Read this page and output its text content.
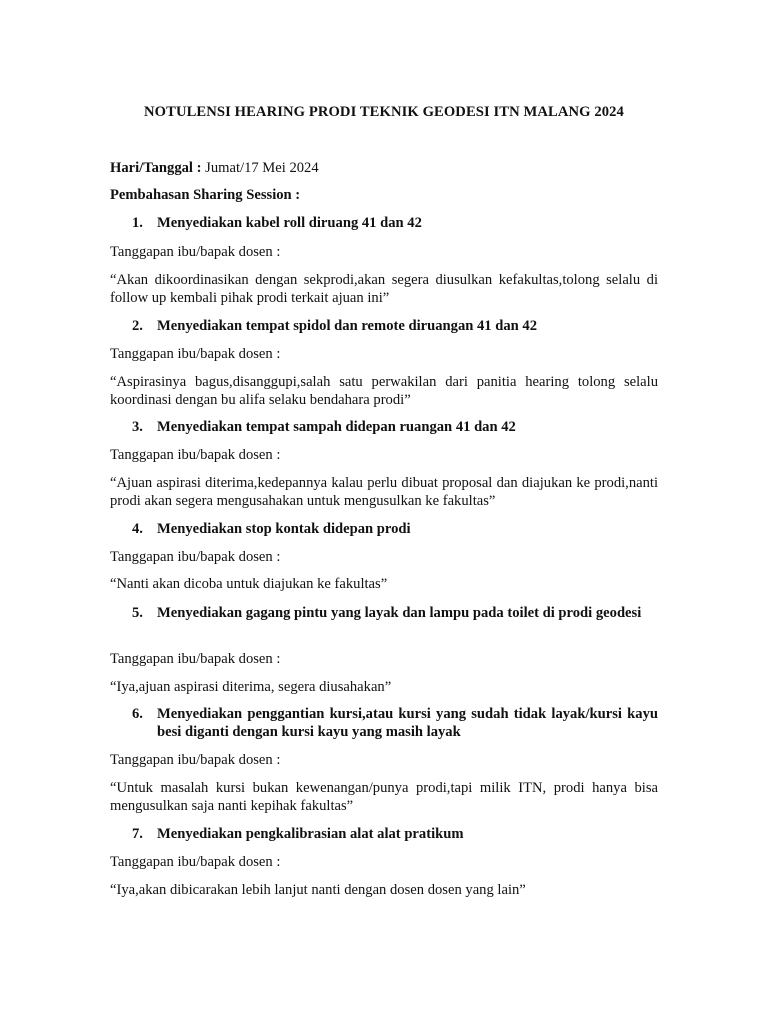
NOTULENSI HEARING PRODI TEKNIK GEODESI ITN MALANG 2024
Hari/Tanggal : Jumat/17 Mei 2024
Pembahasan Sharing Session :
1. Menyediakan kabel roll diruang 41 dan 42
Tanggapan ibu/bapak dosen :
“Akan dikoordinasikan dengan sekprodi,akan segera diusulkan kefakultas,tolong selalu di follow up kembali pihak prodi terkait ajuan ini”
2. Menyediakan tempat spidol dan remote diruangan 41 dan 42
Tanggapan ibu/bapak dosen :
“Aspirasinya bagus,disanggupi,salah satu perwakilan dari panitia hearing tolong selalu koordinasi dengan bu alifa selaku bendahara prodi”
3. Menyediakan tempat sampah didepan ruangan 41 dan 42
Tanggapan ibu/bapak dosen :
“Ajuan aspirasi diterima,kedepannya kalau perlu dibuat proposal dan diajukan ke prodi,nanti prodi akan segera mengusahakan untuk mengusulkan ke fakultas”
4. Menyediakan stop kontak didepan prodi
Tanggapan ibu/bapak dosen :
“Nanti akan dicoba untuk diajukan ke fakultas”
5. Menyediakan gagang pintu yang layak dan lampu pada toilet di prodi geodesi
Tanggapan ibu/bapak dosen :
“Iya,ajuan aspirasi diterima, segera diusahakan”
6. Menyediakan penggantian kursi,atau kursi yang sudah tidak layak/kursi kayu besi diganti dengan kursi kayu yang masih layak
Tanggapan ibu/bapak dosen :
“Untuk masalah kursi bukan kewenangan/punya prodi,tapi milik ITN, prodi hanya bisa mengusulkan saja nanti kepihak fakultas”
7. Menyediakan pengkalibrasian alat alat pratikum
Tanggapan ibu/bapak dosen :
“Iya,akan dibicarakan lebih lanjut nanti dengan dosen dosen yang lain”
